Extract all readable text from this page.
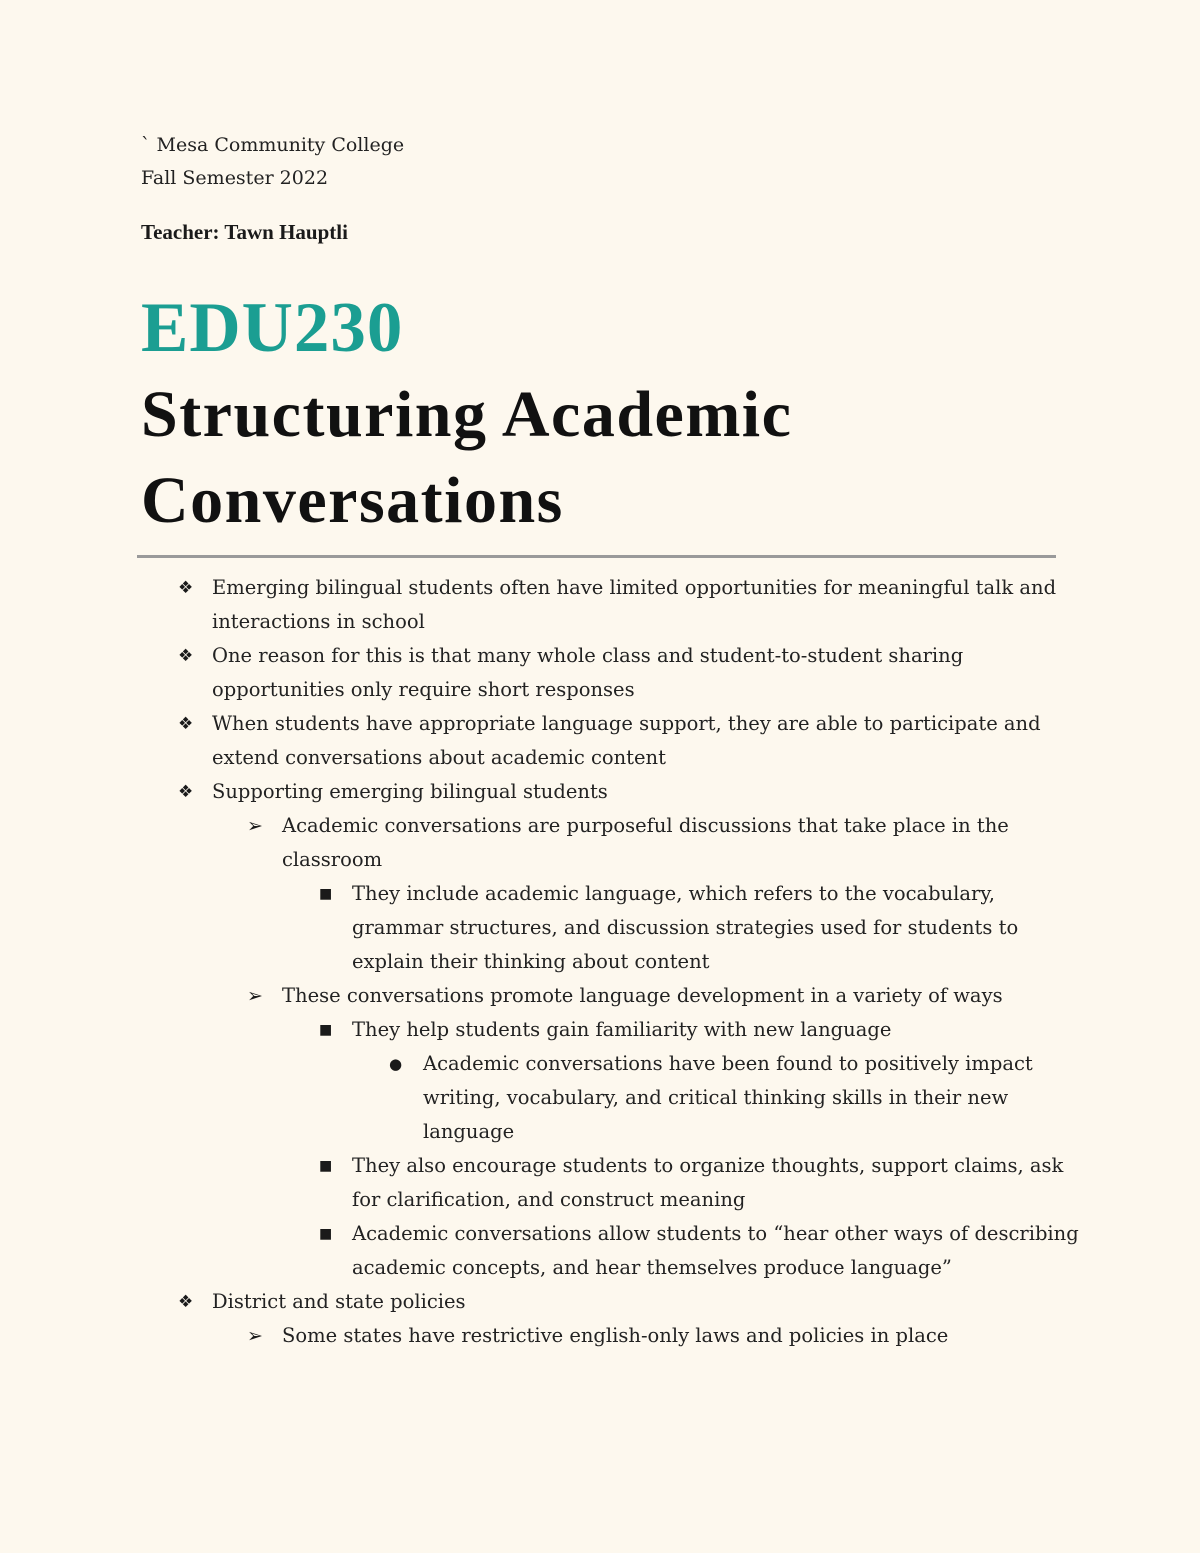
` Mesa Community College
Fall Semester 2022
Teacher: Tawn Hauptli
EDU230
Structuring Academic
Conversations
❖ Emerging bilingual students often have limited opportunities for meaningful talk and
interactions in school
❖ One reason for this is that many whole class and student-to-student sharing
opportunities only require short responses
❖ When students have appropriate language support, they are able to participate and
extend conversations about academic content
❖ Supporting emerging bilingual students
➢ Academic conversations are purposeful discussions that take place in the
classroom
■ They include academic language, which refers to the vocabulary,
grammar structures, and discussion strategies used for students to
explain their thinking about content
➢ These conversations promote language development in a variety of ways
■ They help students gain familiarity with new language
● Academic conversations have been found to positively impact
writing, vocabulary, and critical thinking skills in their new
language
■ They also encourage students to organize thoughts, support claims, ask
for clarification, and construct meaning
■ Academic conversations allow students to “hear other ways of describing
academic concepts, and hear themselves produce language”
❖ District and state policies
➢ Some states have restrictive english-only laws and policies in place
